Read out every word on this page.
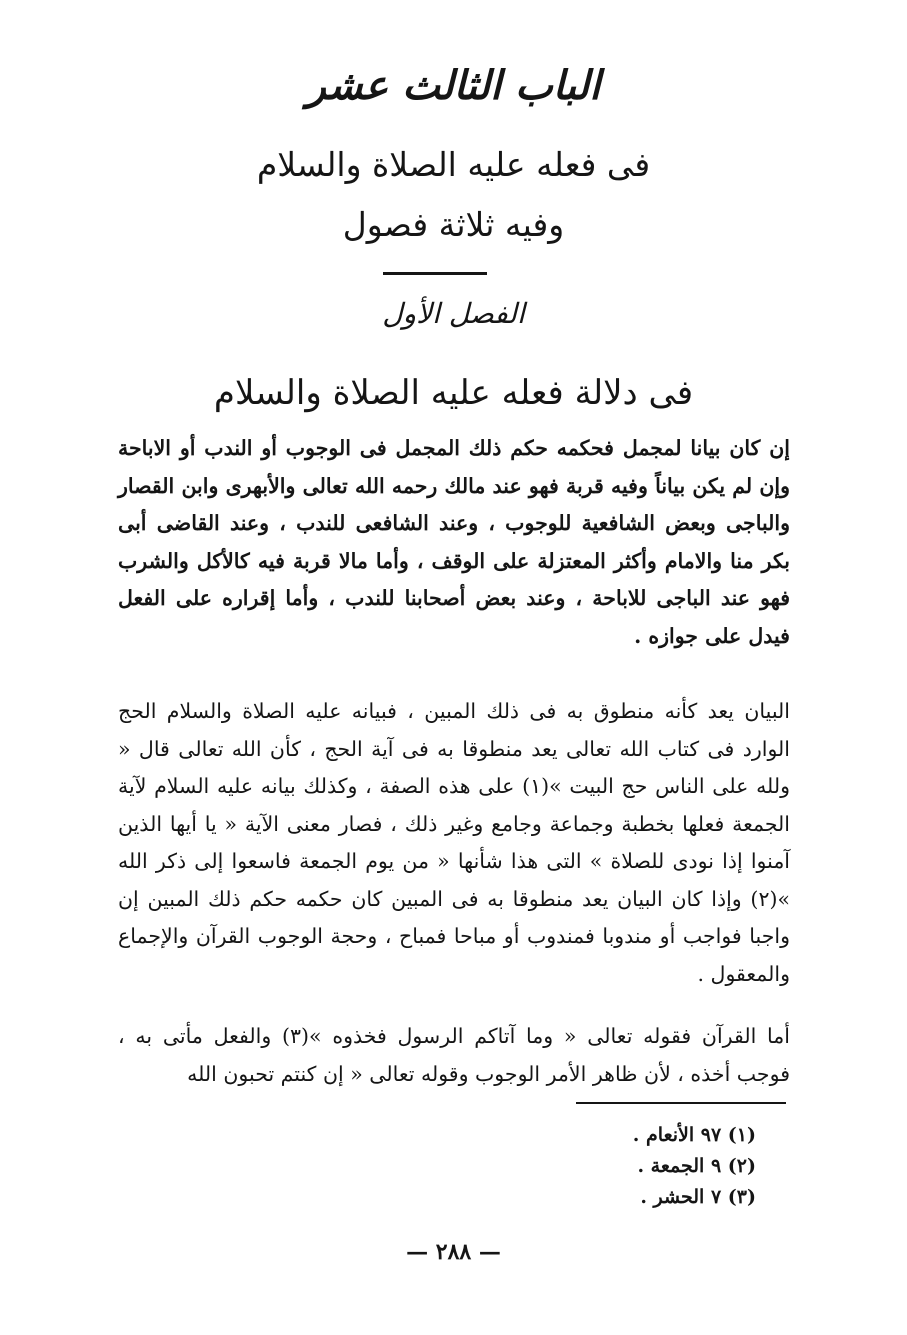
الباب الثالث عشر
فى فعله عليه الصلاة والسلام
وفيه ثلاثة فصول
الفصل الأول
فى دلالة فعله عليه الصلاة والسلام

إن كان بيانا لمجمل فحكمه حكم ذلك المجمل فى الوجوب أو الندب أو الاباحة وإن لم يكن بياناً وفيه قربة فهو عند مالك رحمه الله تعالى والأبهرى وابن القصار والباجى وبعض الشافعية للوجوب ، وعند الشافعى للندب ، وعند القاضى أبى بكر منا والامام وأكثر المعتزلة على الوقف ، وأما مالا قربة فيه كالأكل والشرب فهو عند الباجى للاباحة ، وعند بعض أصحابنا للندب ، وأما إقراره على الفعل فيدل على جوازه .

البيان يعد كأنه منطوق به فى ذلك المبين ، فبيانه عليه الصلاة والسلام الحج الوارد فى كتاب الله تعالى يعد منطوقا به فى آية الحج ، كأن الله تعالى قال « ولله على الناس حج البيت »(١) على هذه الصفة ، وكذلك بيانه عليه السلام لآية الجمعة فعلها بخطبة وجماعة وجامع وغير ذلك ، فصار معنى الآية « يا أيها الذين آمنوا إذا نودى للصلاة » التى هذا شأنها « من يوم الجمعة فاسعوا إلى ذكر الله »(٢) وإذا كان البيان يعد منطوقا به فى المبين كان حكمه حكم ذلك المبين إن واجبا فواجب أو مندوبا فمندوب أو مباحا فمباح ، وحجة الوجوب القرآن والإجماع والمعقول .

أما القرآن فقوله تعالى « وما آتاكم الرسول فخذوه »(٣) والفعل مأتى به ، فوجب أخذه ، لأن ظاهر الأمر الوجوب وقوله تعالى « إن كنتم تحبون الله

(١) ٩٧ الأنعام .
(٢) ٩ الجمعة .
(٣) ٧ الحشر .
— ٢٨٨ —
